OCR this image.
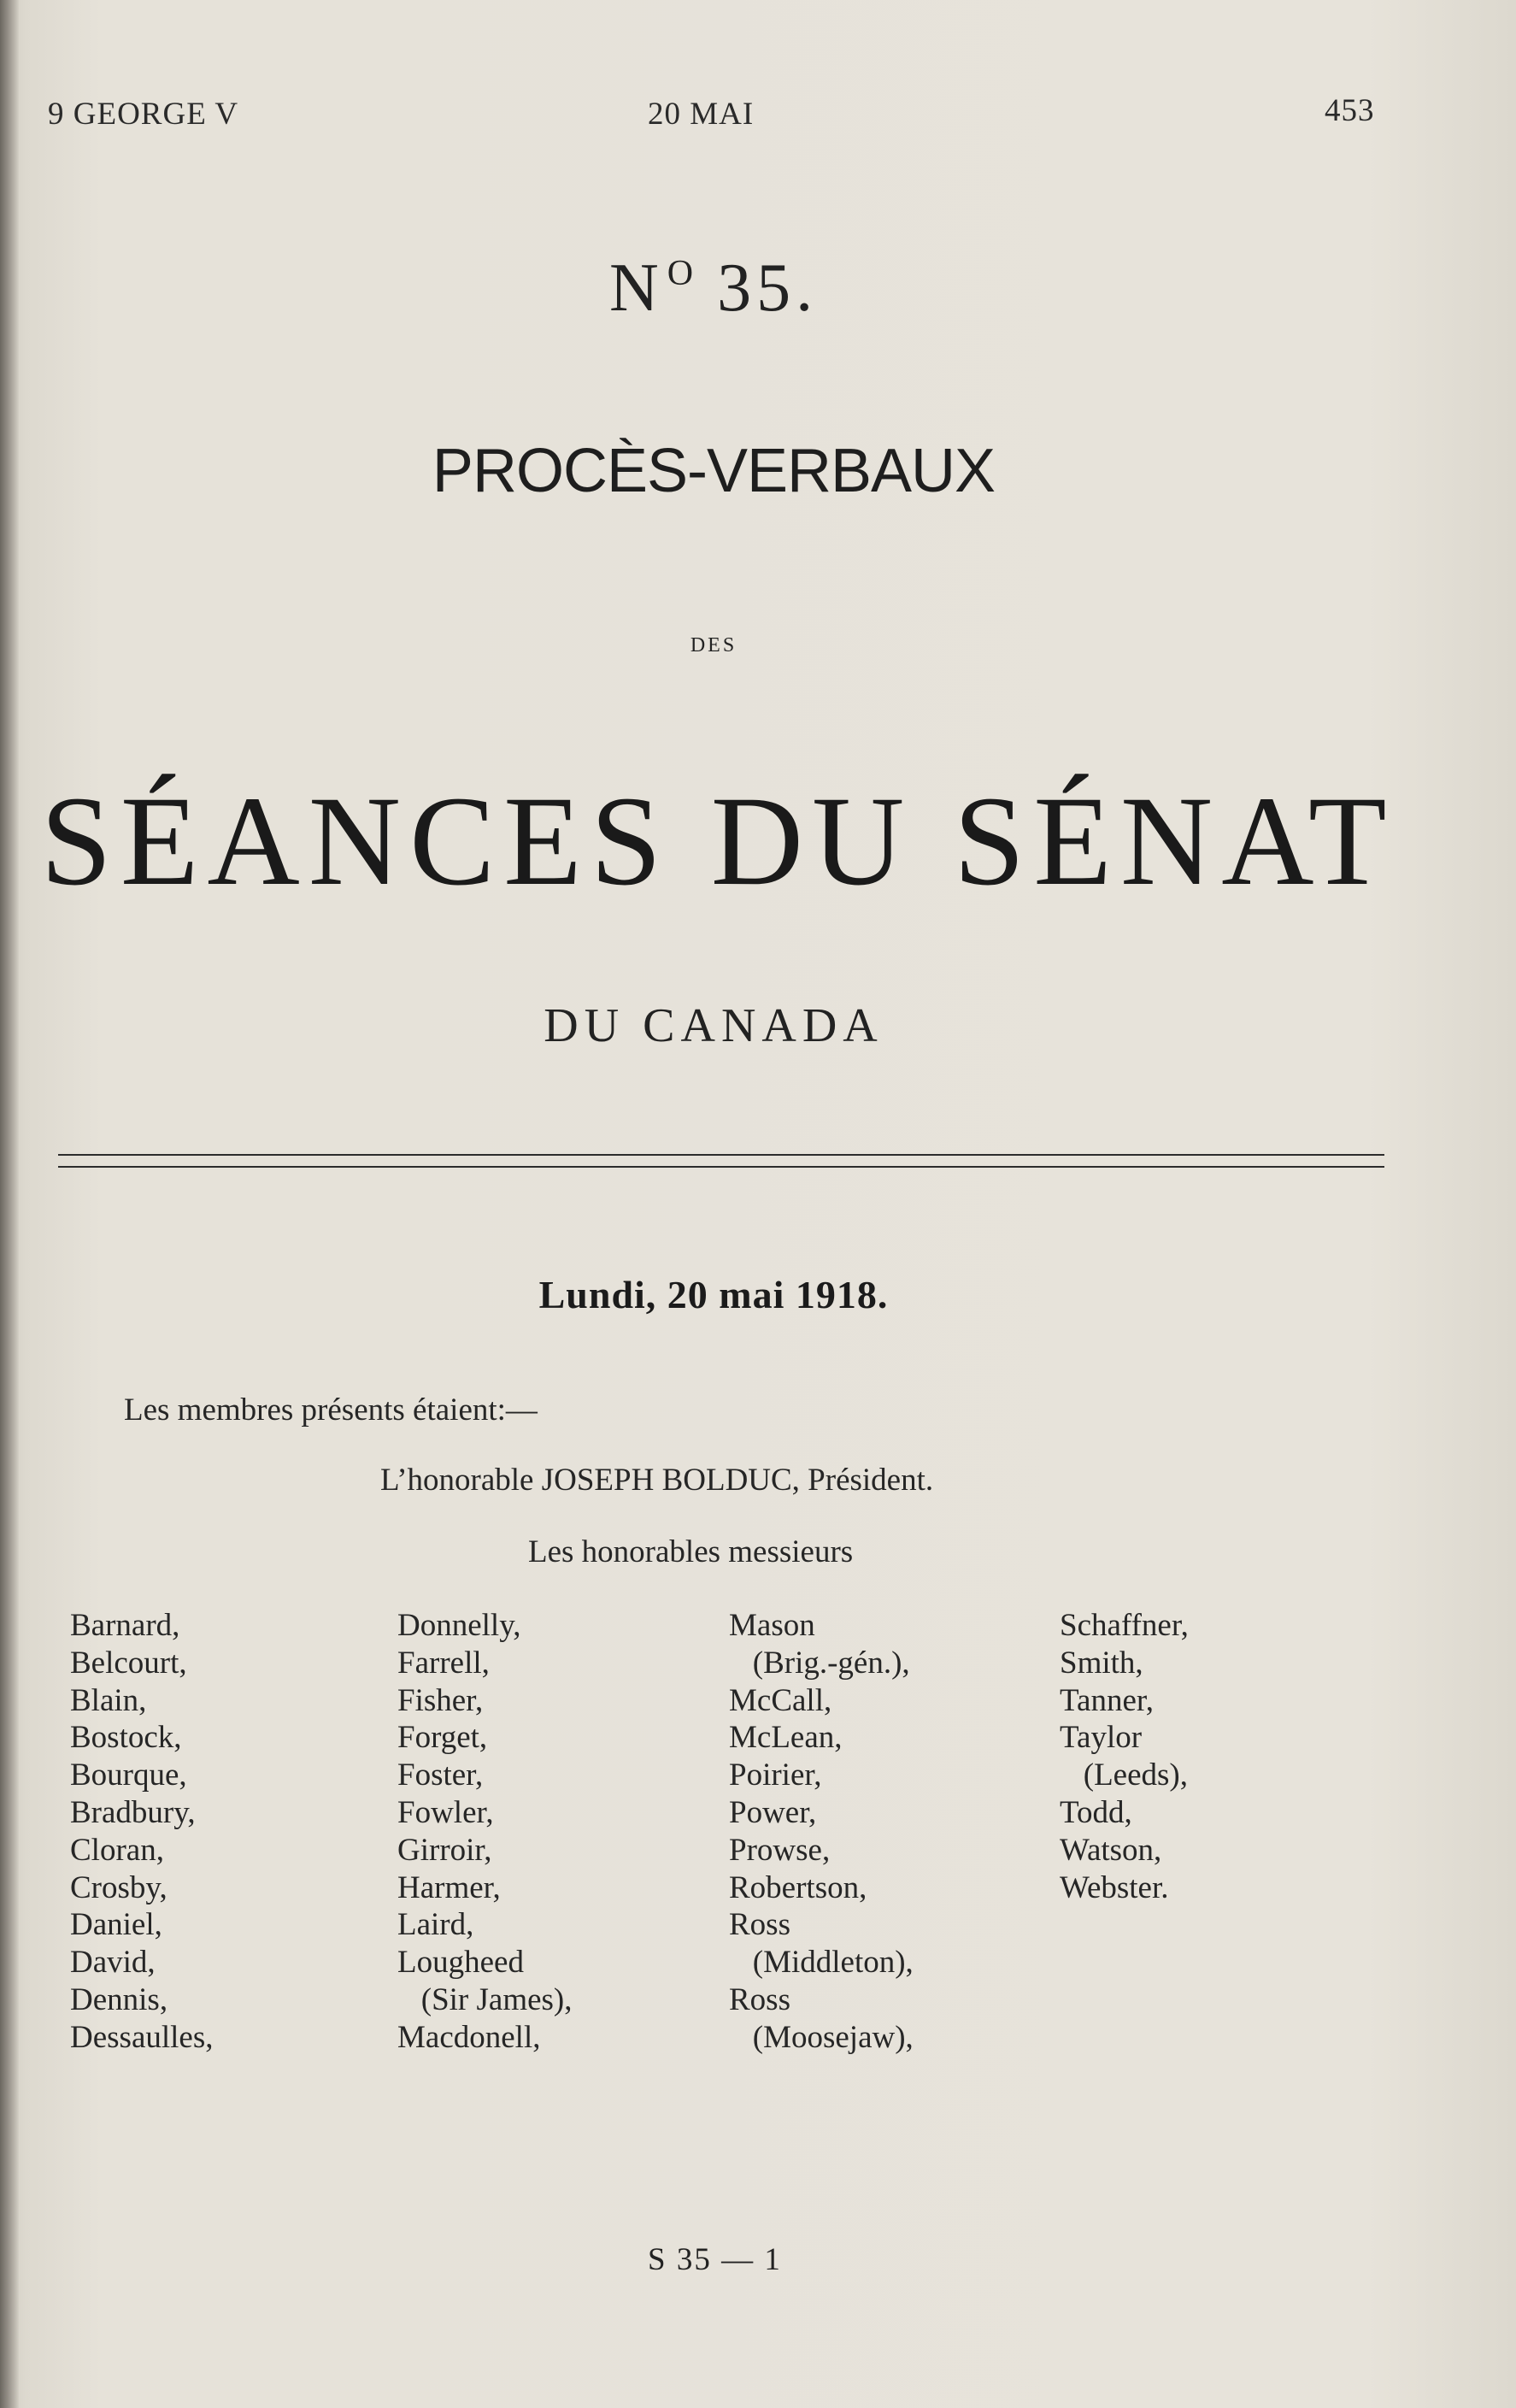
9 GEORGE V	20 MAI	453
$N^O$ 35.
PROCÈS-VERBAUX
DES
SÉANCES DU SÉNAT
DU CANADA
Lundi, 20 mai 1918.
Les membres présents étaient:—
L’honorable JOSEPH BOLDUC, Président.
Les honorables messieurs
Barnard,
Belcourt,
Blain,
Bostock,
Bourque,
Bradbury,
Cloran,
Crosby,
Daniel,
David,
Dennis,
Dessaulles,
Donnelly,
Farrell,
Fisher,
Forget,
Foster,
Fowler,
Girroir,
Harmer,
Laird,
Lougheed
(Sir James),
Macdonell,
Mason
(Brig.-gén.),
McCall,
McLean,
Poirier,
Power,
Prowse,
Robertson,
Ross
(Middleton),
Ross
(Moosejaw),
Schaffner,
Smith,
Tanner,
Taylor
(Leeds),
Todd,
Watson,
Webster.
S 35 — 1
